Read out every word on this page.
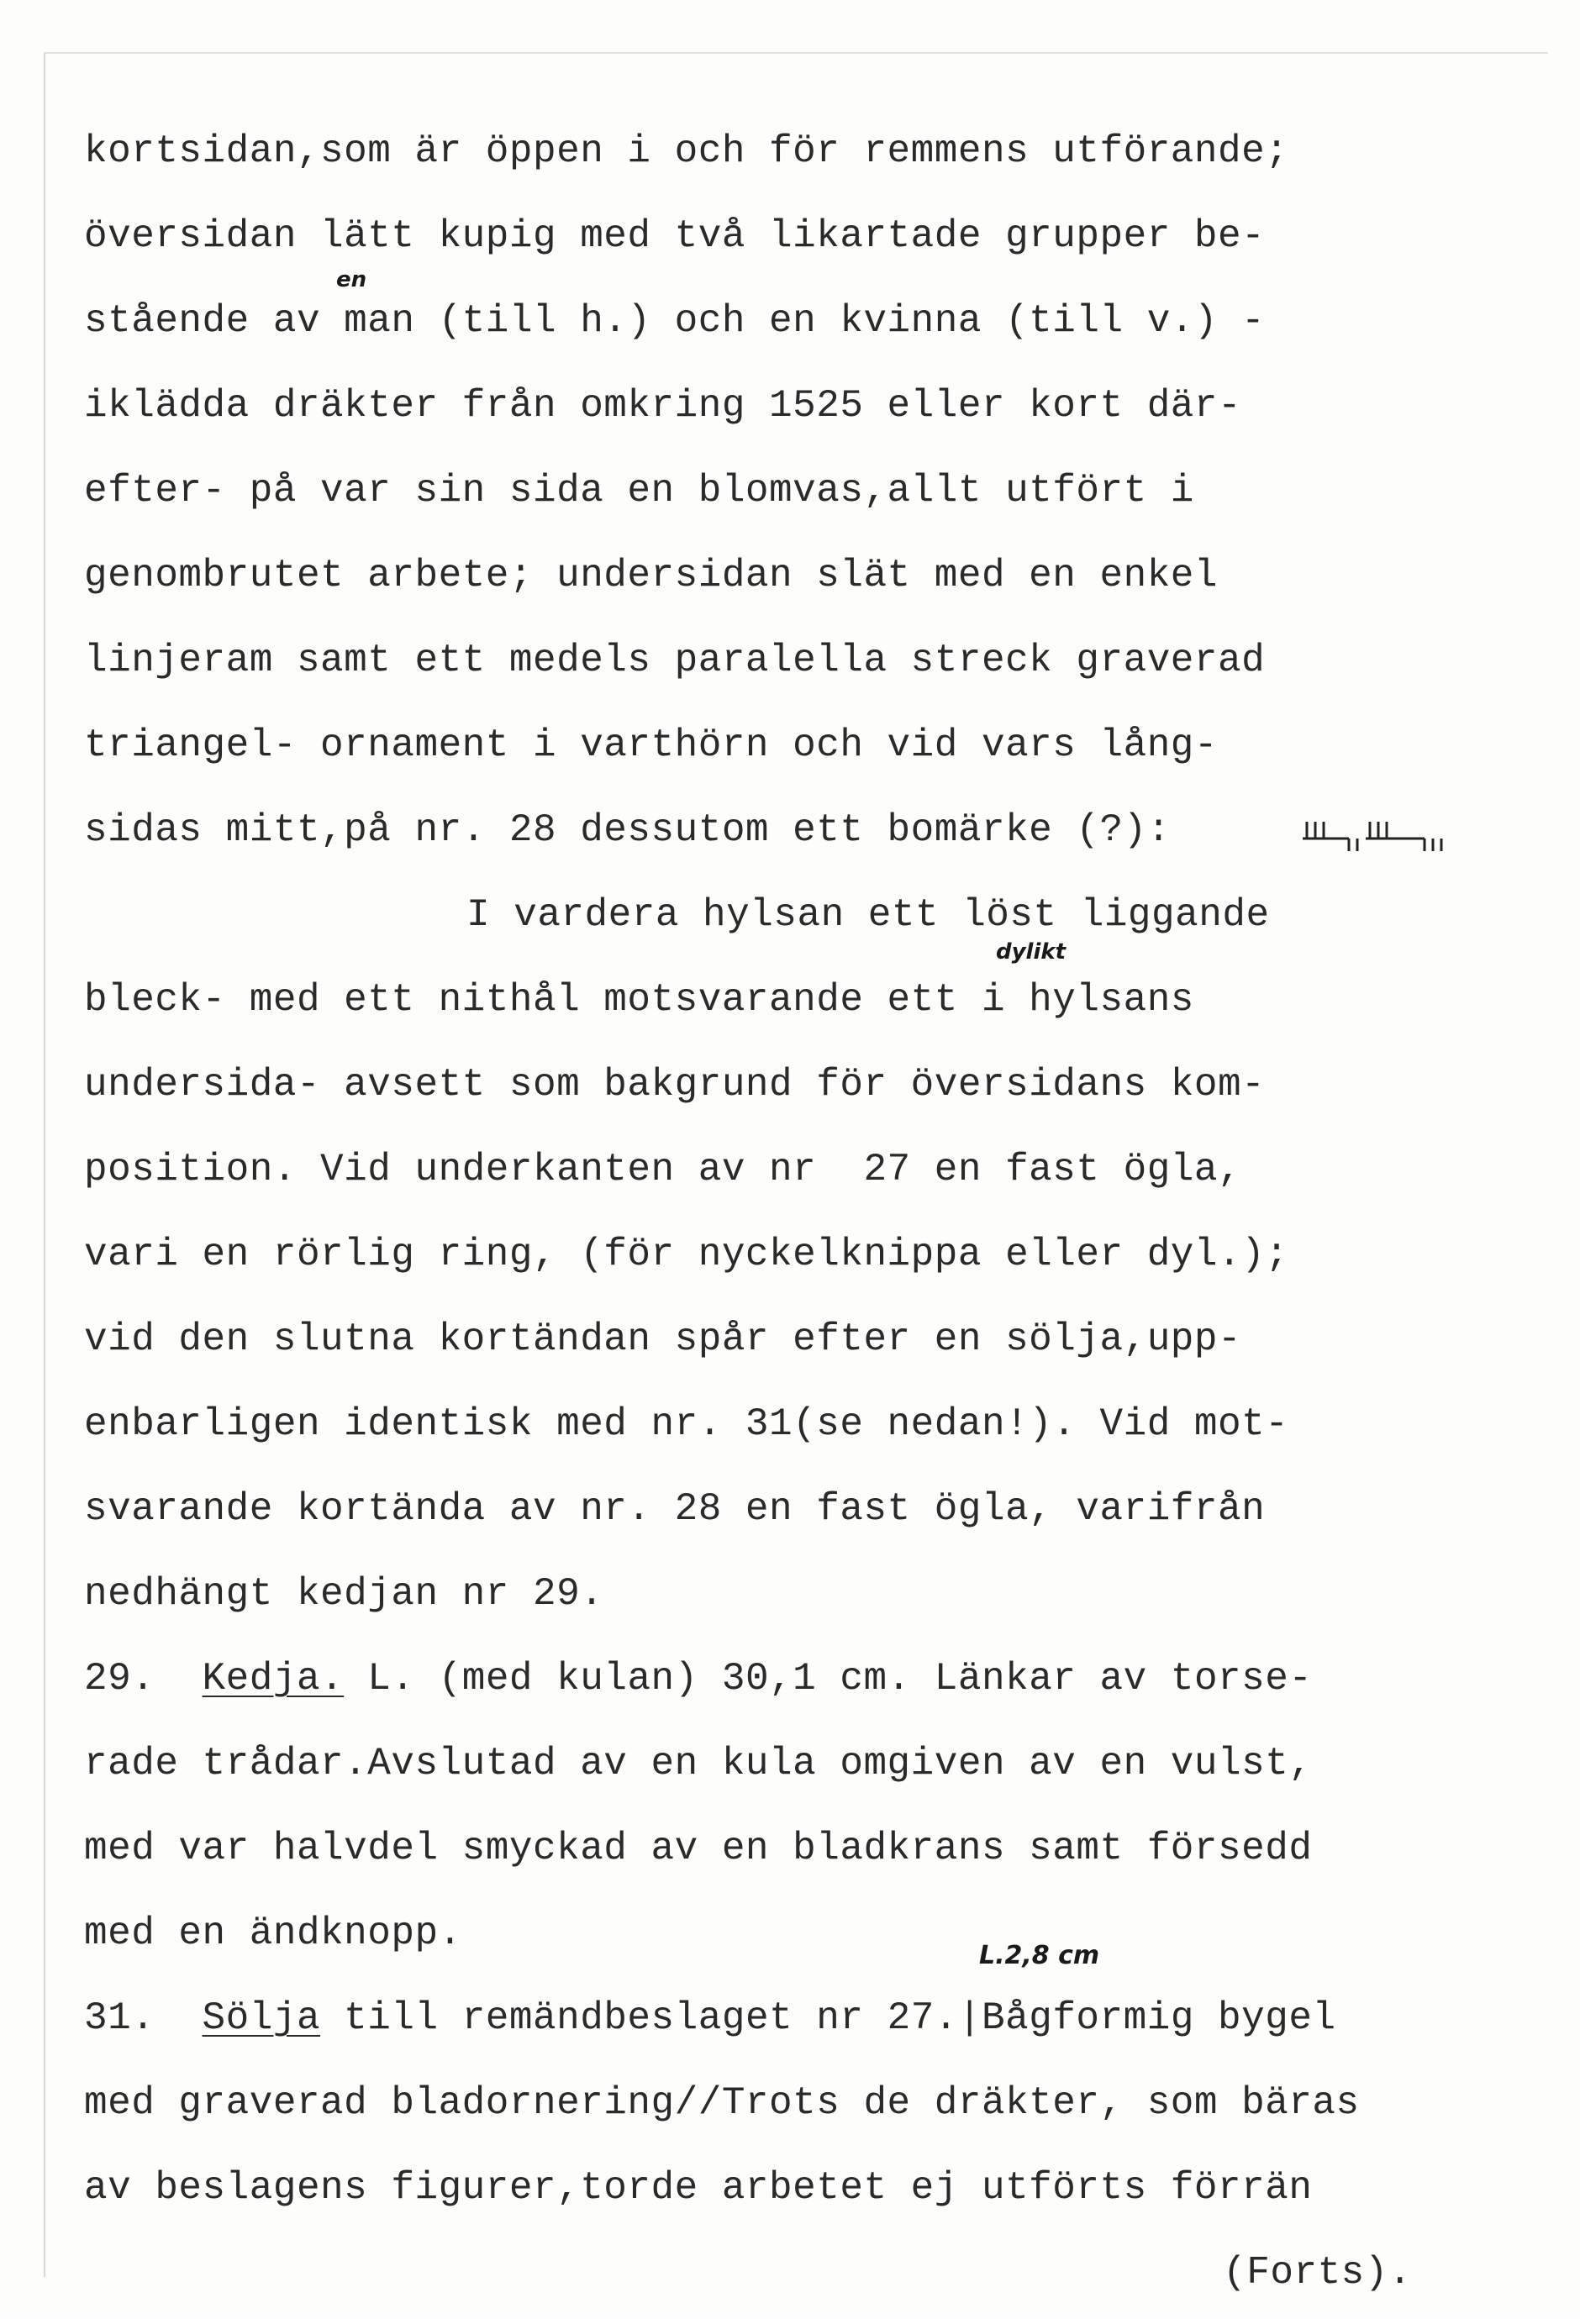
kortsidan,som är öppen i och för remmens utförande;
översidan lätt kupig med två likartade grupper be-
stående av man (till h.) och en kvinna (till v.) -
iklädda dräkter från omkring 1525 eller kort där-
efter- på var sin sida en blomvas,allt utfört i
genombrutet arbete; undersidan slät med en enkel
linjeram samt ett medels paralella streck graverad
triangel- ornament i varthörn och vid vars lång-
sidas mitt,på nr. 28 dessutom ett bomärke (?):
I vardera hylsan ett löst liggande
bleck- med ett nithål motsvarande ett i hylsans
undersida- avsett som bakgrund för översidans kom-
position. Vid underkanten av nr  27 en fast ögla,
vari en rörlig ring, (för nyckelknippa eller dyl.);
vid den slutna kortändan spår efter en sölja,upp-
enbarligen identisk med nr. 31(se nedan!). Vid mot-
svarande kortända av nr. 28 en fast ögla, varifrån
nedhängt kedjan nr 29.
29. Kedja. L. (med kulan) 30,1 cm. Länkar av torse-
rade trådar.Avslutad av en kula omgiven av en vulst,
med var halvdel smyckad av en bladkrans samt försedd
med en ändknopp.
31. Sölja till remändbeslaget nr 27.|Bågformig bygel
med graverad bladornering//Trots de dräkter, som bäras
av beslagens figurer,torde arbetet ej utförts förrän
(Forts).
en
dylikt
L.2,8 cm
